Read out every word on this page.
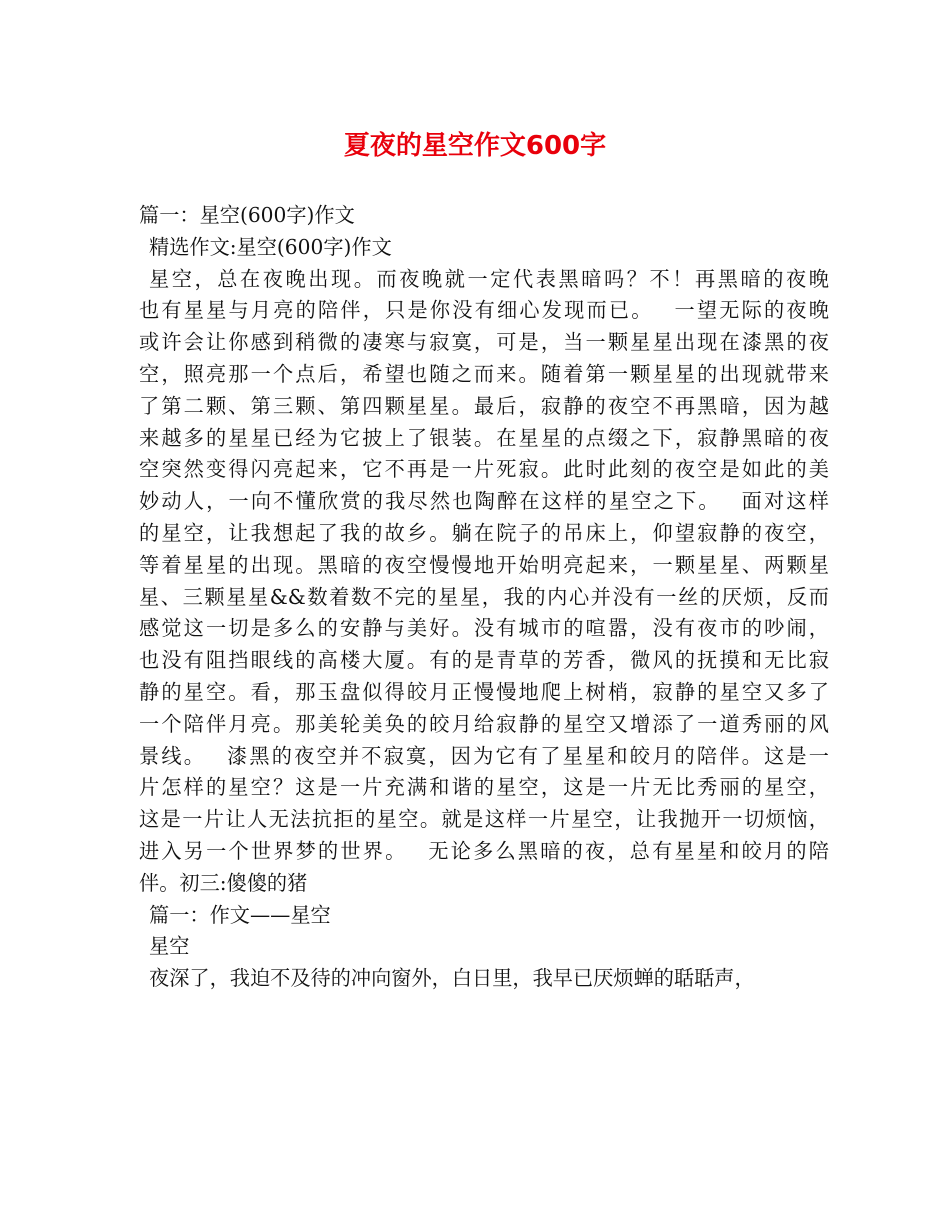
夏夜的星空作文600字
篇一：星空(600字)作文
精选作文:星空(600字)作文
星空，总在夜晚出现。而夜晚就一定代表黑暗吗？不！再黑暗的夜晚
也有星星与月亮的陪伴，只是你没有细心发现而已。　 一望无际的夜晚
或许会让你感到稍微的凄寒与寂寞，可是，当一颗星星出现在漆黑的夜
空，照亮那一个点后，希望也随之而来。随着第一颗星星的出现就带来
了第二颗、第三颗、第四颗星星。最后，寂静的夜空不再黑暗，因为越
来越多的星星已经为它披上了银装。在星星的点缀之下，寂静黑暗的夜
空突然变得闪亮起来，它不再是一片死寂。此时此刻的夜空是如此的美
妙动人，一向不懂欣赏的我尽然也陶醉在这样的星空之下。　 面对这样
的星空，让我想起了我的故乡。躺在院子的吊床上，仰望寂静的夜空，
等着星星的出现。黑暗的夜空慢慢地开始明亮起来，一颗星星、两颗星
星、三颗星星&&数着数不完的星星，我的内心并没有一丝的厌烦，反而
感觉这一切是多么的安静与美好。没有城市的喧嚣，没有夜市的吵闹，
也没有阻挡眼线的高楼大厦。有的是青草的芳香，微风的抚摸和无比寂
静的星空。看，那玉盘似得皎月正慢慢地爬上树梢，寂静的星空又多了
一个陪伴月亮。那美轮美奂的皎月给寂静的星空又增添了一道秀丽的风
景线。　 漆黑的夜空并不寂寞，因为它有了星星和皎月的陪伴。这是一
片怎样的星空？这是一片充满和谐的星空，这是一片无比秀丽的星空，
这是一片让人无法抗拒的星空。就是这样一片星空，让我抛开一切烦恼，
进入另一个世界梦的世界。　 无论多么黑暗的夜，总有星星和皎月的陪
伴。初三:傻傻的猪
篇一：作文——星空
星空
夜深了，我迫不及待的冲向窗外，白日里，我早已厌烦蝉的聒聒声，
